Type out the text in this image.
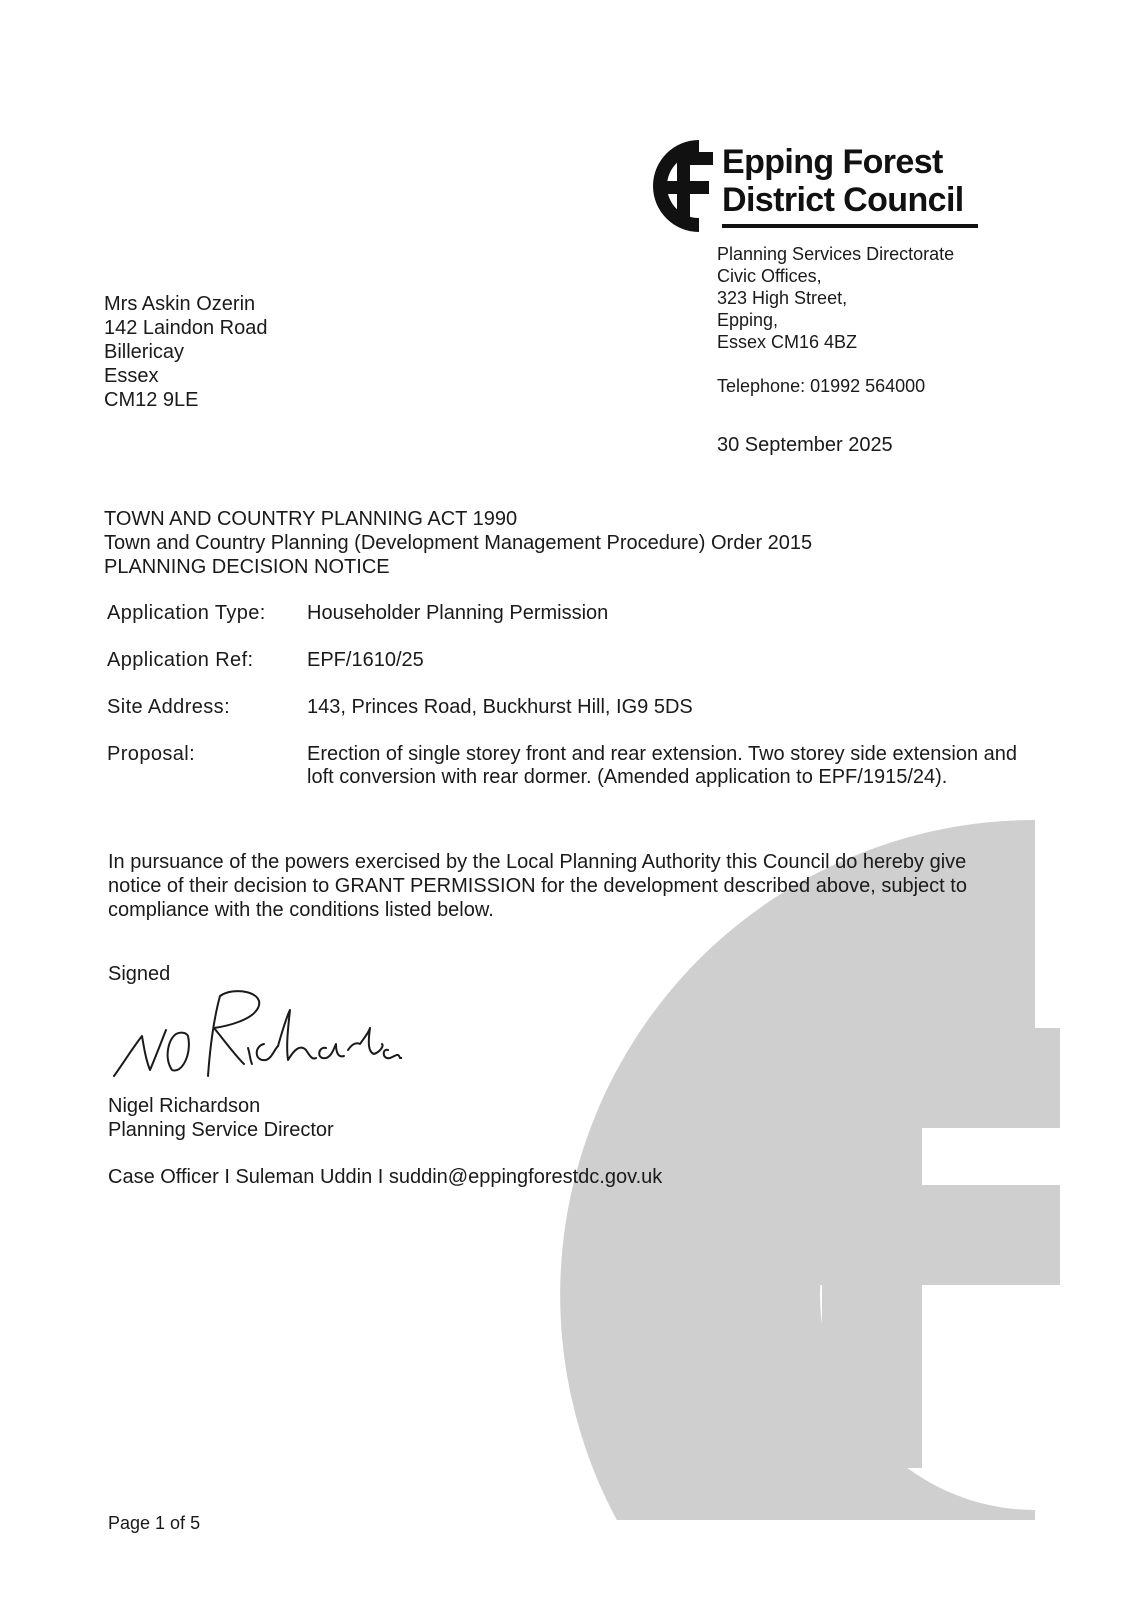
Epping Forest
District Council
Planning Services Directorate
Civic Offices,
323 High Street,
Epping,
Essex CM16 4BZ
Telephone: 01992 564000
30 September 2025
Mrs Askin Ozerin
142 Laindon Road
Billericay
Essex
CM12 9LE
TOWN AND COUNTRY PLANNING ACT 1990
Town and Country Planning (Development Management Procedure) Order 2015
PLANNING DECISION NOTICE
Application Type: Householder Planning Permission
Application Ref:	EPF/1610/25
Site Address:	143, Princes Road, Buckhurst Hill, IG9 5DS
Proposal:	Erection of single storey front and rear extension. Two storey side extension and loft conversion with rear dormer. (Amended application to EPF/1915/24).
In pursuance of the powers exercised by the Local Planning Authority this Council do hereby give notice of their decision to GRANT PERMISSION for the development described above, subject to compliance with the conditions listed below.
Signed
Nigel Richardson
Planning Service Director
Case Officer I Suleman Uddin I suddin@eppingforestdc.gov.uk
Page 1 of 5
